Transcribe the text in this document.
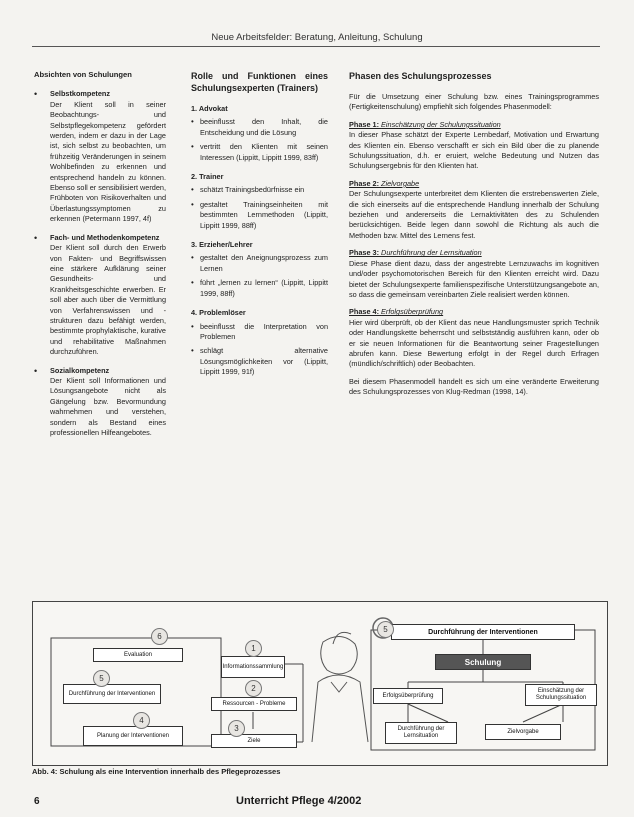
Neue Arbeitsfelder: Beratung, Anleitung, Schulung
Absichten von Schulungen
• Selbstkompetenz
Der Klient soll in seiner Beobachtungs- und Selbstpflegekompetenz gefördert werden, indem er dazu in der Lage ist, sich selbst zu beobachten, um frühzeitig Veränderungen in seinem Wohlbefinden zu erkennen und entsprechend handeln zu können. Ebenso soll er sensibilisiert werden, Frühboten von Risikoverhalten und Überlastungssymptomen zu erkennen (Petermann 1997, 4f)
• Fach- und Methodenkompetenz
Der Klient soll durch den Erwerb von Fakten- und Begriffswissen eine stärkere Aufklärung seiner Gesundheits- und Krankheitsgeschichte erwerben. Er soll aber auch über die Vermittlung von Verfahrenswissen und -strukturen dazu befähigt werden, bestimmte prophylaktische, kurative und rehabilitative Maßnahmen durchzuführen.
• Sozialkompetenz
Der Klient soll Informationen und Lösungsangebote nicht als Gängelung bzw. Bevormundung wahrnehmen und verstehen, sondern als Bestand eines professionellen Hilfeangebotes.
Rolle und Funktionen eines Schulungsexperten (Trainers)
1. Advokat
• beeinflusst den Inhalt, die Entscheidung und die Lösung
• vertritt den Klienten mit seinen Interessen (Lippitt, Lippitt 1999, 83ff)
2. Trainer
• schätzt Trainingsbedürfnisse ein
• gestaltet Trainingseinheiten mit bestimmten Lernmethoden (Lippitt, Lippitt 1999, 88ff)
3. Erzieher/Lehrer
• gestaltet den Aneignungsprozess zum Lernen
• führt „lernen zu lernen“ (Lippitt, Lippitt 1999, 88ff)
4. Problemlöser
• beeinflusst die Interpretation von Problemen
• schlägt alternative Lösungsmöglichkeiten vor (Lippitt, Lippitt 1999, 91f)
Phasen des Schulungsprozesses
Für die Umsetzung einer Schulung bzw. eines Trainingsprogrammes (Fertigkeitenschulung) empfiehlt sich folgendes Phasenmodell:
Phase 1: Einschätzung der Schulungssituation
In dieser Phase schätzt der Experte Lernbedarf, Motivation und Erwartung des Klienten ein. Ebenso verschafft er sich ein Bild über die zu planende Schulungssituation, d.h. er eruiert, welche Bedeutung und Nutzen das Schulungsergebnis für den Klienten hat.
Phase 2: Zielvorgabe
Der Schulungsexperte unterbreitet dem Klienten die erstrebenswerten Ziele, die sich einerseits auf die entsprechende Handlung innerhalb der Schulung beziehen und andererseits die Lernaktivitäten des zu Schulenden berücksichtigen. Beide legen dann sowohl die Richtung als auch die Methoden bzw. Mittel des Lernens fest.
Phase 3: Durchführung der Lernsituation
Diese Phase dient dazu, dass der angestrebte Lernzuwachs im kognitiven und/oder psychomotorischen Bereich für den Klienten erreicht wird. Dazu bietet der Schulungsexperte familienspezifische Unterstützungsangebote an, so dass die gemeinsam vereinbarten Ziele realisiert werden können.
Phase 4: Erfolgsüberprüfung
Hier wird überprüft, ob der Klient das neue Handlungsmuster sprich Technik oder Handlungskette beherrscht und selbstständig ausführen kann, oder ob er sie neuen Informationen für die Beantwortung seiner Fragestellungen abrufen kann. Diese Bewertung erfolgt in der Regel durch Erfragen (mündlich/schriftlich) oder Beobachten.
Bei diesem Phasenmodell handelt es sich um eine veränderte Erweiterung des Schulungsprozesses von Klug-Redman (1998, 14).
Evaluation
Durchführung der Interventionen
Planung der Interventionen
Informationssammlung
Ressourcen - Probleme
Ziele
6
5
4
1
2
3
Durchführung der Interventionen
5
Schulung
Erfolgsüberprüfung
Einschätzung der Schulungssituation
Durchführung der Lernsituation
Zielvorgabe
Abb. 4: Schulung als eine Intervention innerhalb des Pflegeprozesses
6	Unterricht Pflege 4/2002
